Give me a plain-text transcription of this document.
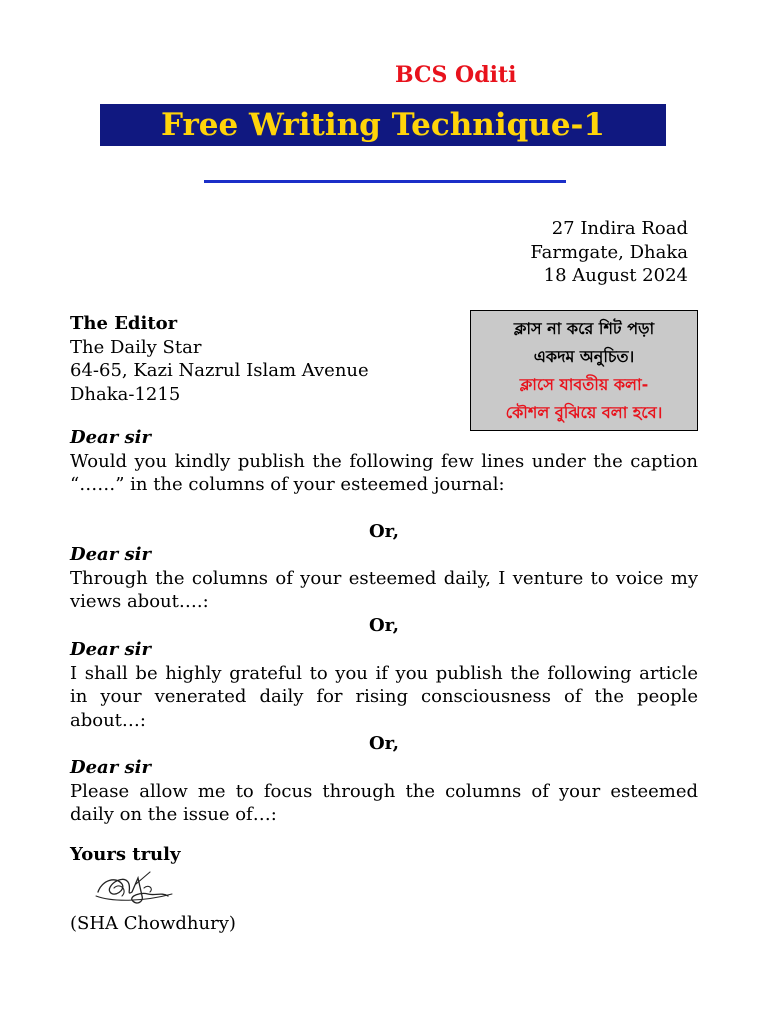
BCS Oditi
Free Writing Technique-1
27 Indira Road
Farmgate, Dhaka
18 August 2024
The Editor
The Daily Star
64-65, Kazi Nazrul Islam Avenue
Dhaka-1215
ক্লাস না করে শিট পড়া
একদম অনুচিত।
ক্লাসে যাবতীয় কলা-
কৌশল বুঝিয়ে বলা হবে।
Dear sir
Would you kindly publish the following few lines under the caption “……” in the columns of your esteemed journal:
Or,
Dear sir
Through the columns of your esteemed daily, I venture to voice my views about….:
Or,
Dear sir
I shall be highly grateful to you if you publish the following article in your venerated daily for rising consciousness of the people about…:
Or,
Dear sir
Please allow me to focus through the columns of your esteemed daily on the issue of…:
Yours truly
(SHA Chowdhury)
